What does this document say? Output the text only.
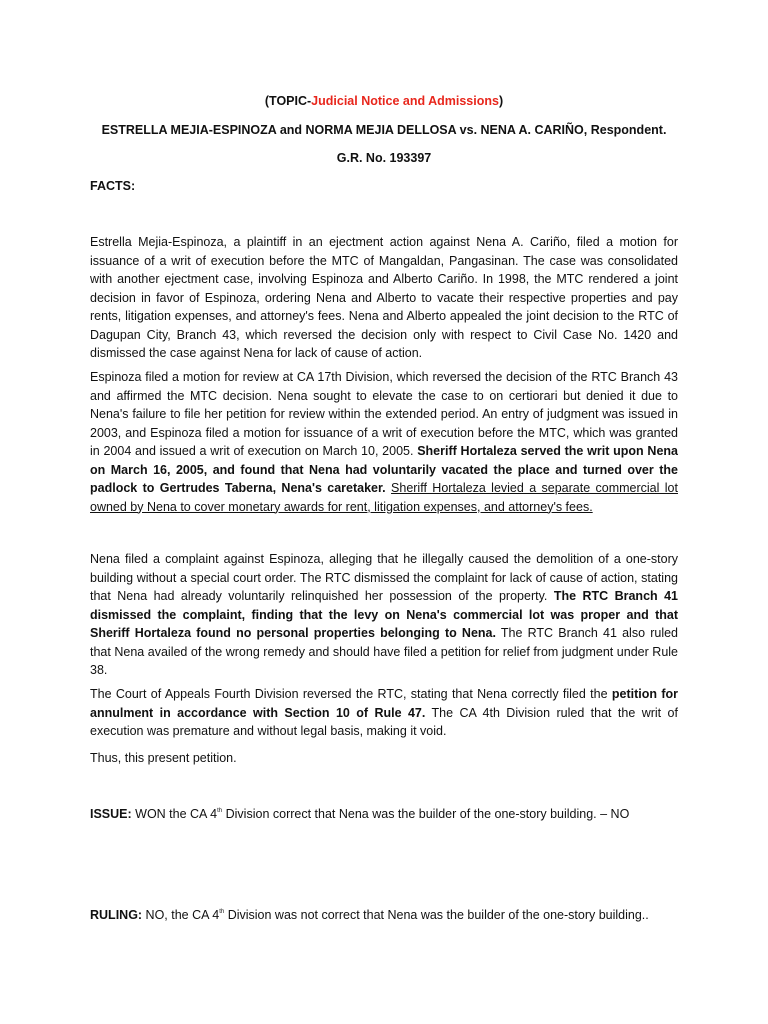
(TOPIC-Judicial Notice and Admissions)
ESTRELLA MEJIA-ESPINOZA and NORMA MEJIA DELLOSA vs. NENA A. CARIÑO, Respondent.
G.R. No. 193397
FACTS:

Estrella Mejia-Espinoza, a plaintiff in an ejectment action against Nena A. Cariño, filed a motion for issuance of a writ of execution before the MTC of Mangaldan, Pangasinan. The case was consolidated with another ejectment case, involving Espinoza and Alberto Cariño. In 1998, the MTC rendered a joint decision in favor of Espinoza, ordering Nena and Alberto to vacate their respective properties and pay rents, litigation expenses, and attorney's fees. Nena and Alberto appealed the joint decision to the RTC of Dagupan City, Branch 43, which reversed the decision only with respect to Civil Case No. 1420 and dismissed the case against Nena for lack of cause of action.

Espinoza filed a motion for review at CA 17th Division, which reversed the decision of the RTC Branch 43 and affirmed the MTC decision. Nena sought to elevate the case to on certiorari but denied it due to Nena's failure to file her petition for review within the extended period. An entry of judgment was issued in 2003, and Espinoza filed a motion for issuance of a writ of execution before the MTC, which was granted in 2004 and issued a writ of execution on March 10, 2005. Sheriff Hortaleza served the writ upon Nena on March 16, 2005, and found that Nena had voluntarily vacated the place and turned over the padlock to Gertrudes Taberna, Nena's caretaker. Sheriff Hortaleza levied a separate commercial lot owned by Nena to cover monetary awards for rent, litigation expenses, and attorney's fees.

Nena filed a complaint against Espinoza, alleging that he illegally caused the demolition of a one-story building without a special court order. The RTC dismissed the complaint for lack of cause of action, stating that Nena had already voluntarily relinquished her possession of the property. The RTC Branch 41 dismissed the complaint, finding that the levy on Nena's commercial lot was proper and that Sheriff Hortaleza found no personal properties belonging to Nena. The RTC Branch 41 also ruled that Nena availed of the wrong remedy and should have filed a petition for relief from judgment under Rule 38.

The Court of Appeals Fourth Division reversed the RTC, stating that Nena correctly filed the petition for annulment in accordance with Section 10 of Rule 47. The CA 4th Division ruled that the writ of execution was premature and without legal basis, making it void.

Thus, this present petition.

ISSUE: WON the CA 4th Division correct that Nena was the builder of the one-story building. – NO

RULING: NO, the CA 4th Division was not correct that Nena was the builder of the one-story building..
